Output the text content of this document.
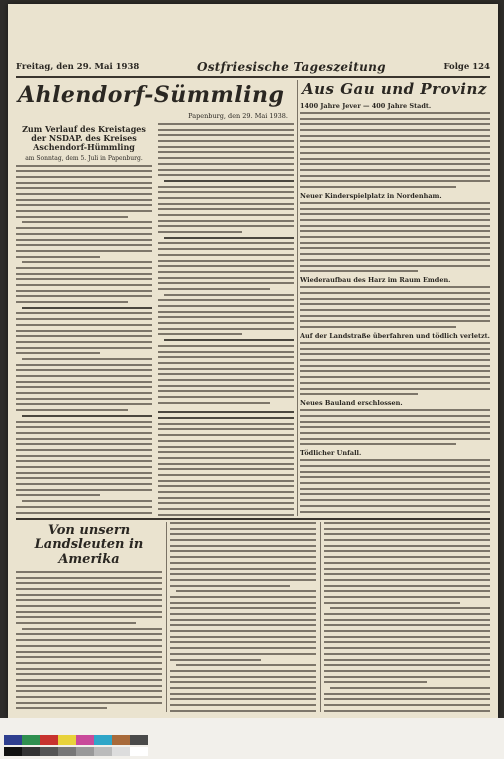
Freitag, den 29. Mai 1938	Ostfriesische Tageszeitung	Folge 124
Ahlendorf-Sümmling
Papenburg, den 29. Mai 1938.
Zum Verlauf des Kreistages der NSDAP. des Kreises Aschendorf-Hümmling
am Sonntag, dem 5. Juli in Papenburg.
Aus Gau und Provinz
1400 Jahre Jever — 400 Jahre Stadt.
Neuer Kinderspielplatz in Nordenham.
Wiederaufbau des Harz im Raum Emden.
Auf der Landstraße überfahren und tödlich verletzt.
Neues Bauland erschlossen.
Tödlicher Unfall.
Von unsern Landsleuten in Amerika
